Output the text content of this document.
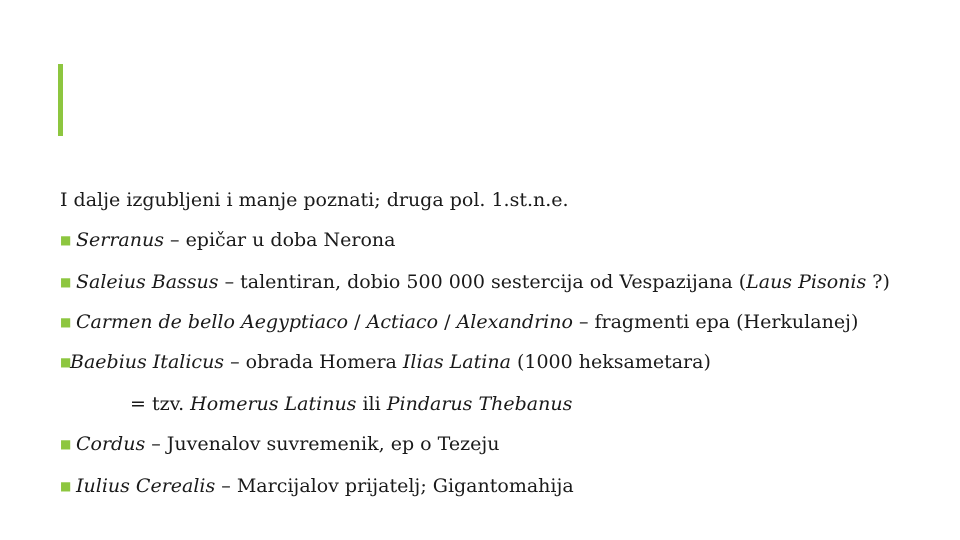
I dalje izgubljeni i manje poznati; druga pol. 1.st.n.e.

■ Serranus – epičar u doba Nerona

■ Saleius Bassus – talentiran, dobio 500 000 sestercija od Vespazijana (Laus Pisonis ?)

■ Carmen de bello Aegyptiaco / Actiaco / Alexandrino – fragmenti epa (Herkulanej)

■Baebius Italicus – obrada Homera Ilias Latina (1000 heksametara)

= tzv. Homerus Latinus ili Pindarus Thebanus

■ Cordus – Juvenalov suvremenik, ep o Tezeju

■ Iulius Cerealis – Marcijalov prijatelj; Gigantomahija
